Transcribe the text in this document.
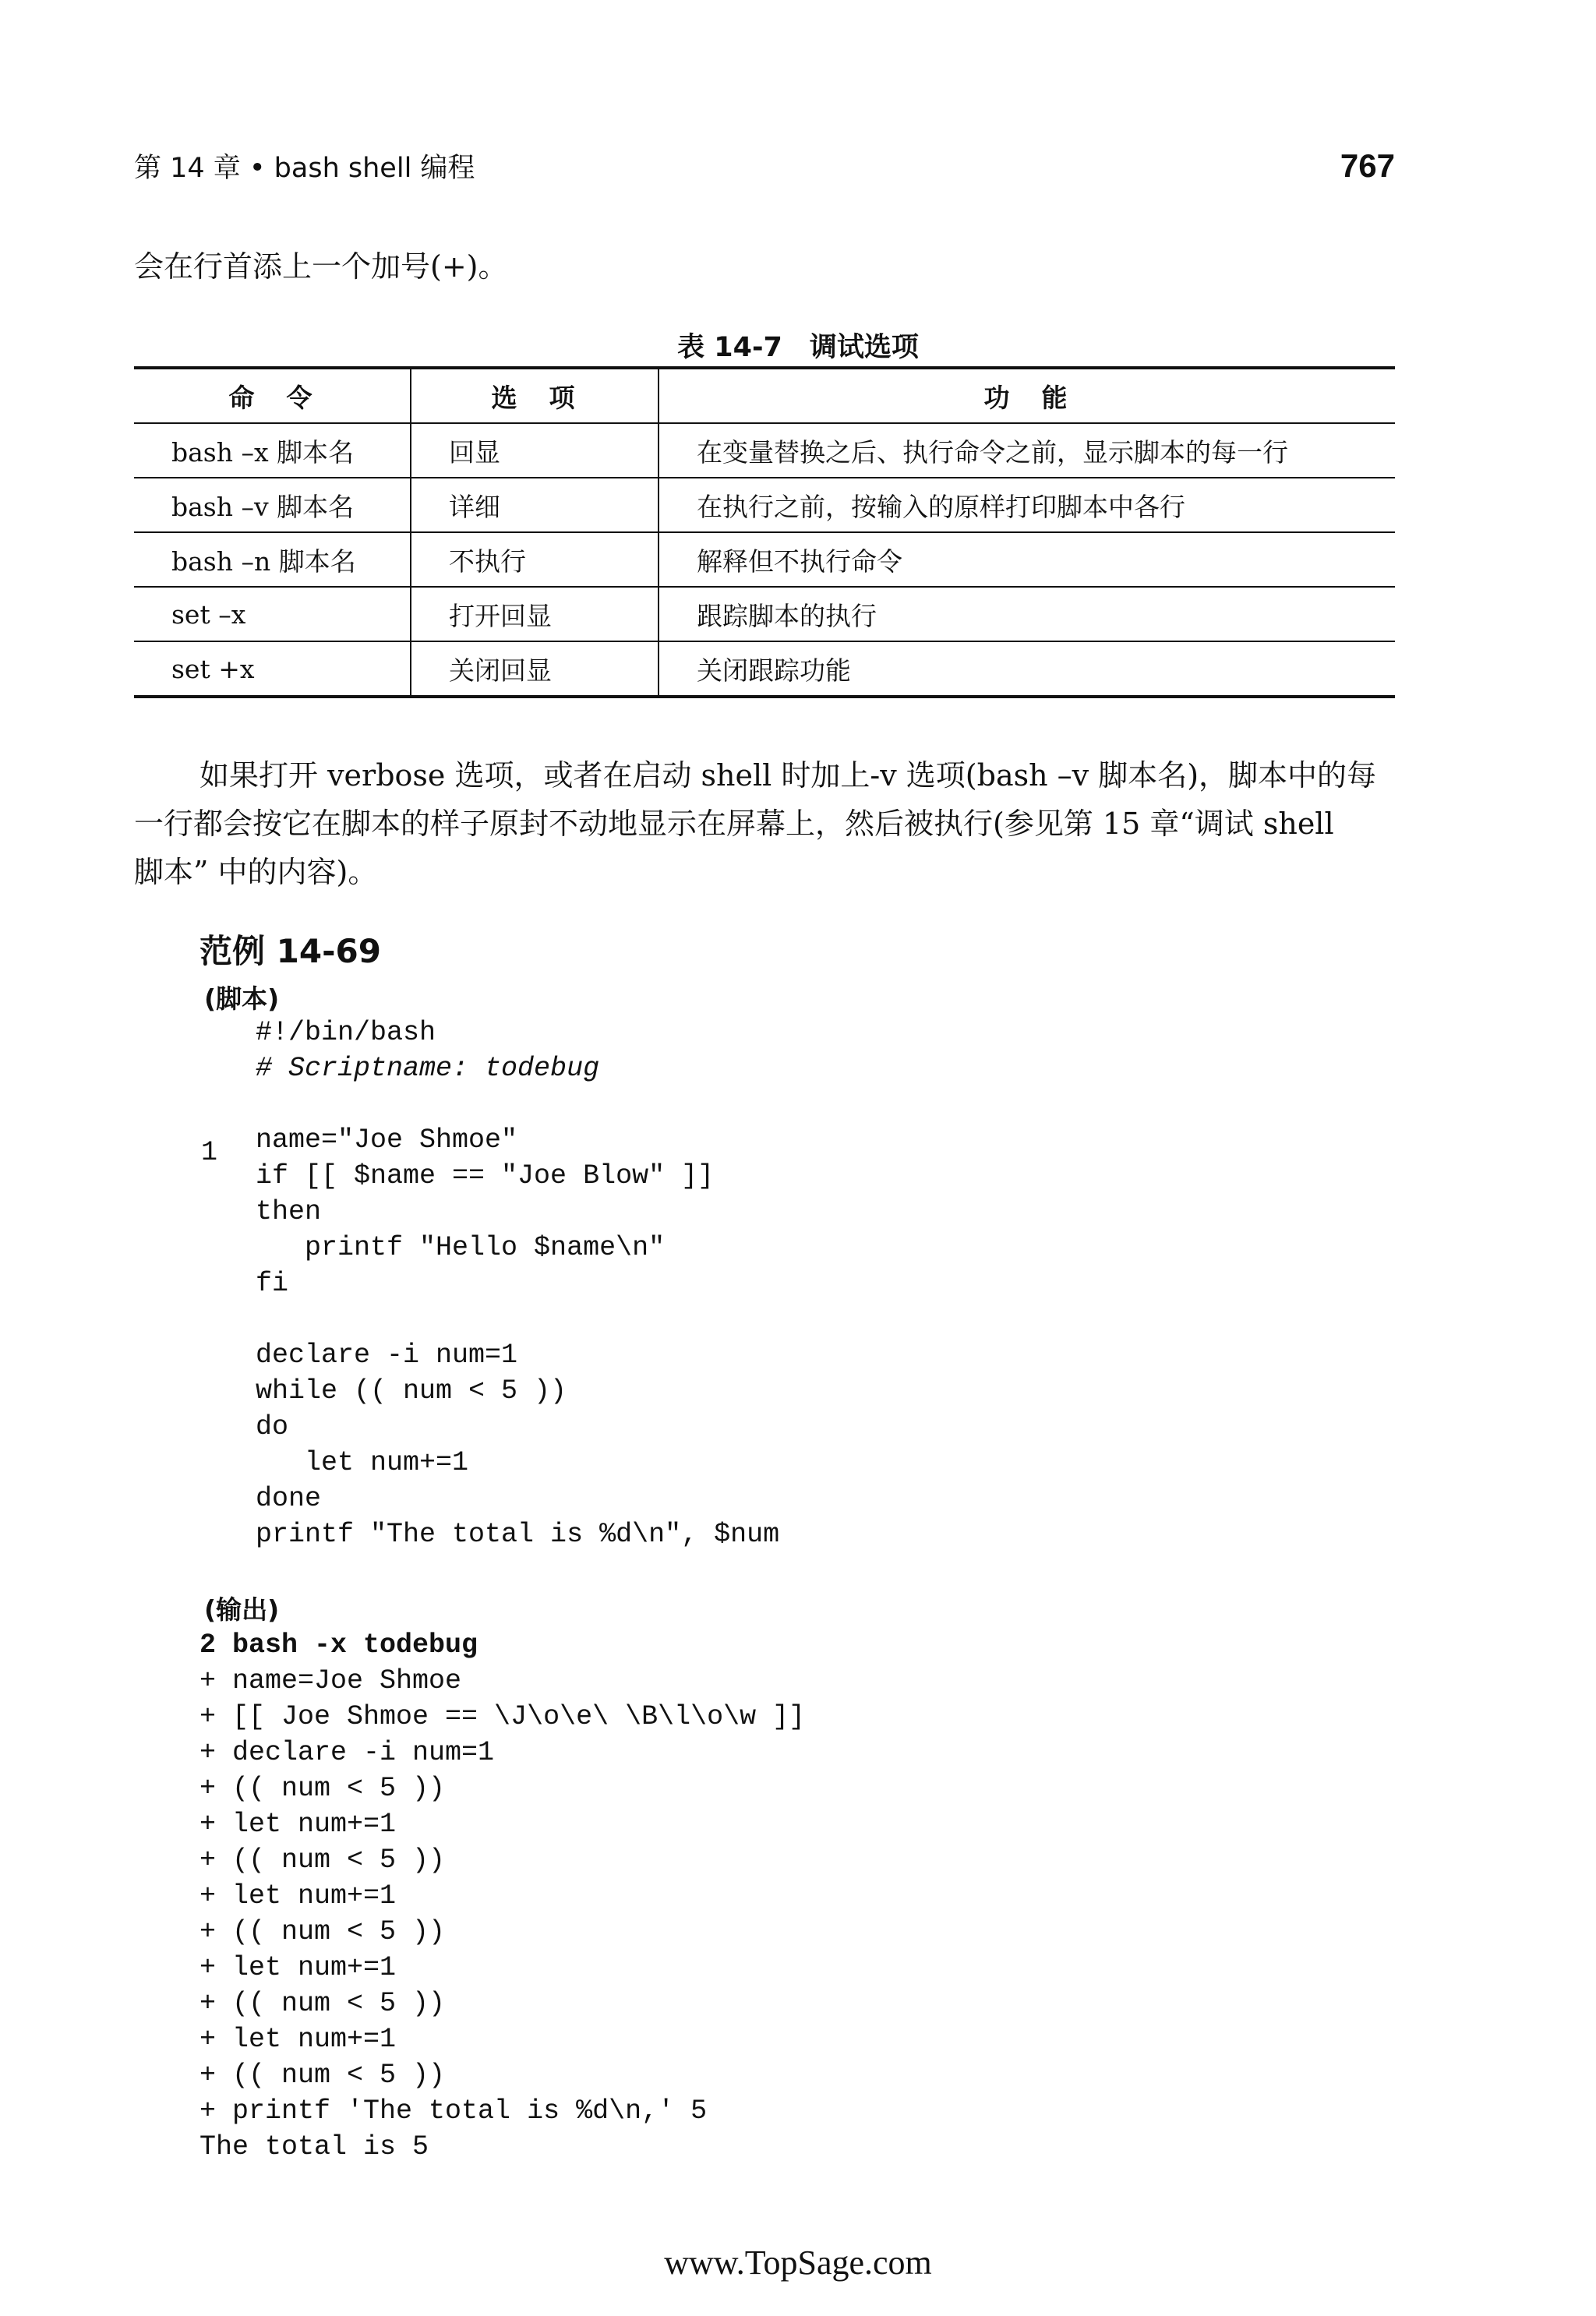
第 14 章 • bash shell 编程	767
会在行首添上一个加号(+)。
表 14-7　调试选项
命　令	选　项	功　能
bash –x 脚本名	回显	在变量替换之后、执行命令之前，显示脚本的每一行
bash –v 脚本名	详细	在执行之前，按输入的原样打印脚本中各行
bash –n 脚本名	不执行	解释但不执行命令
set –x	打开回显	跟踪脚本的执行
set +x	关闭回显	关闭跟踪功能
如果打开 verbose 选项，或者在启动 shell 时加上-v 选项(bash –v 脚本名)，脚本中的每
一行都会按它在脚本的样子原封不动地显示在屏幕上，然后被执行(参见第 15 章“调试 shell
脚本” 中的内容)。
范例 14-69
(脚本)
1
#!/bin/bash
# Scriptname: todebug

name="Joe Shmoe"
if [[ $name == "Joe Blow" ]]
then
printf "Hello $name\n"
fi

declare -i num=1
while (( num < 5 ))
do
let num+=1
done
printf "The total is %d\n", $num
(输出)
2 bash -x todebug
+ name=Joe Shmoe
+ [[ Joe Shmoe == \J\o\e\ \B\l\o\w ]]
+ declare -i num=1
+ (( num < 5 ))
+ let num+=1
+ (( num < 5 ))
+ let num+=1
+ (( num < 5 ))
+ let num+=1
+ (( num < 5 ))
+ let num+=1
+ (( num < 5 ))
+ printf 'The total is %d\n,' 5
The total is 5
www.TopSage.com
